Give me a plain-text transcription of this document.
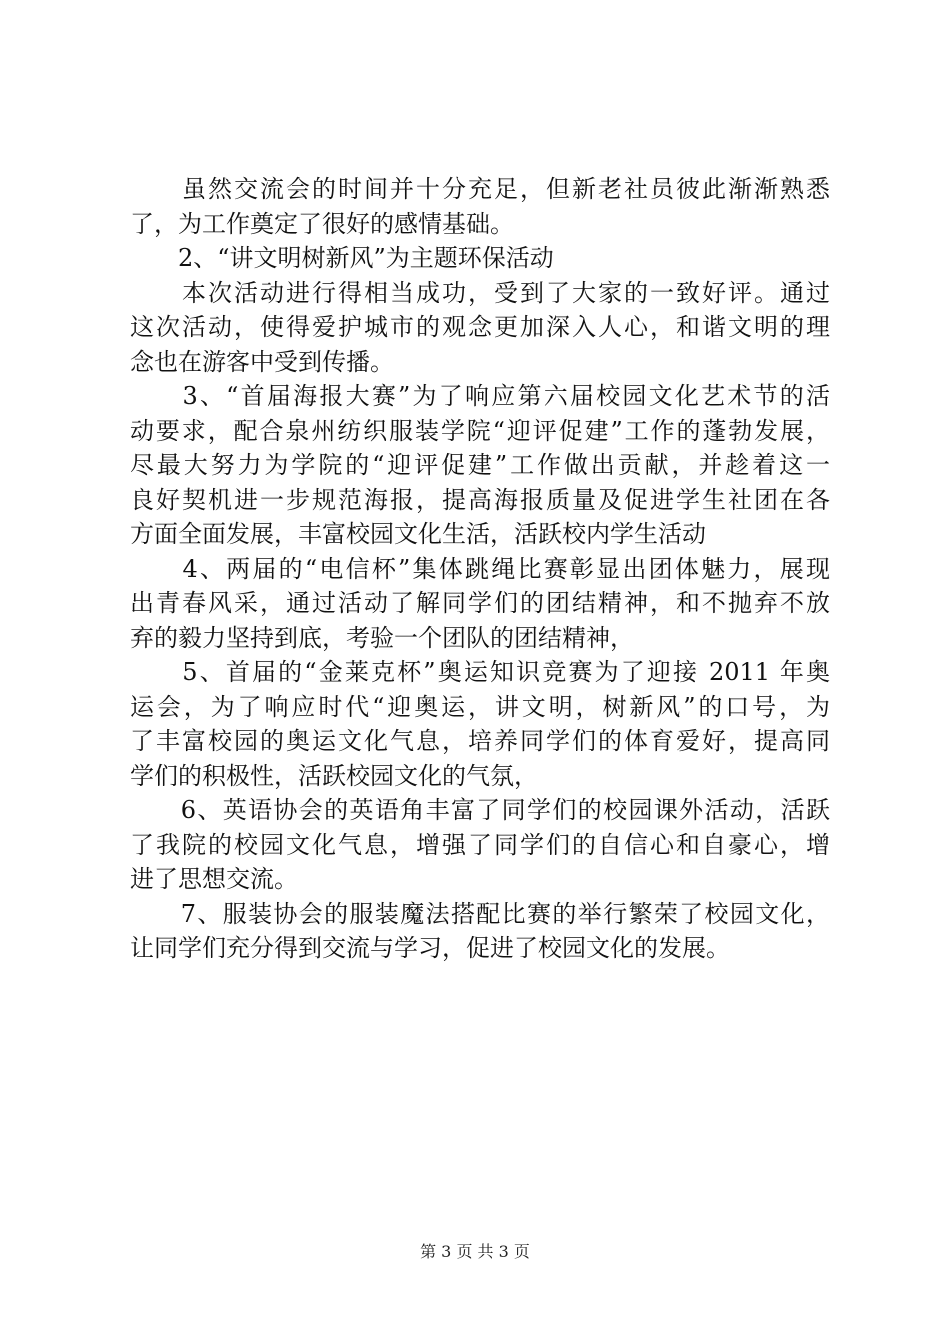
　　虽然交流会的时间并十分充足，但新老社员彼此渐渐熟悉
了，为工作奠定了很好的感情基础。
　　2、“讲文明树新风”为主题环保活动
　　本次活动进行得相当成功，受到了大家的一致好评。通过
这次活动，使得爱护城市的观念更加深入人心，和谐文明的理
念也在游客中受到传播。
　　3、“首届海报大赛”为了响应第六届校园文化艺术节的活
动要求，配合泉州纺织服装学院“迎评促建”工作的蓬勃发展，
尽最大努力为学院的“迎评促建”工作做出贡献，并趁着这一
良好契机进一步规范海报，提高海报质量及促进学生社团在各
方面全面发展，丰富校园文化生活，活跃校内学生活动
　　4、两届的“电信杯”集体跳绳比赛彰显出团体魅力，展现
出青春风采，通过活动了解同学们的团结精神，和不抛弃不放
弃的毅力坚持到底，考验一个团队的团结精神，
　　5、首届的“金莱克杯”奥运知识竞赛为了迎接 2011 年奥
运会，为了响应时代“迎奥运，讲文明，树新风”的口号，为
了丰富校园的奥运文化气息，培养同学们的体育爱好，提高同
学们的积极性，活跃校园文化的气氛，
　　6、英语协会的英语角丰富了同学们的校园课外活动，活跃
了我院的校园文化气息，增强了同学们的自信心和自豪心，增
进了思想交流。
　　7、服装协会的服装魔法搭配比赛的举行繁荣了校园文化，
让同学们充分得到交流与学习，促进了校园文化的发展。
第 3 页 共 3 页
